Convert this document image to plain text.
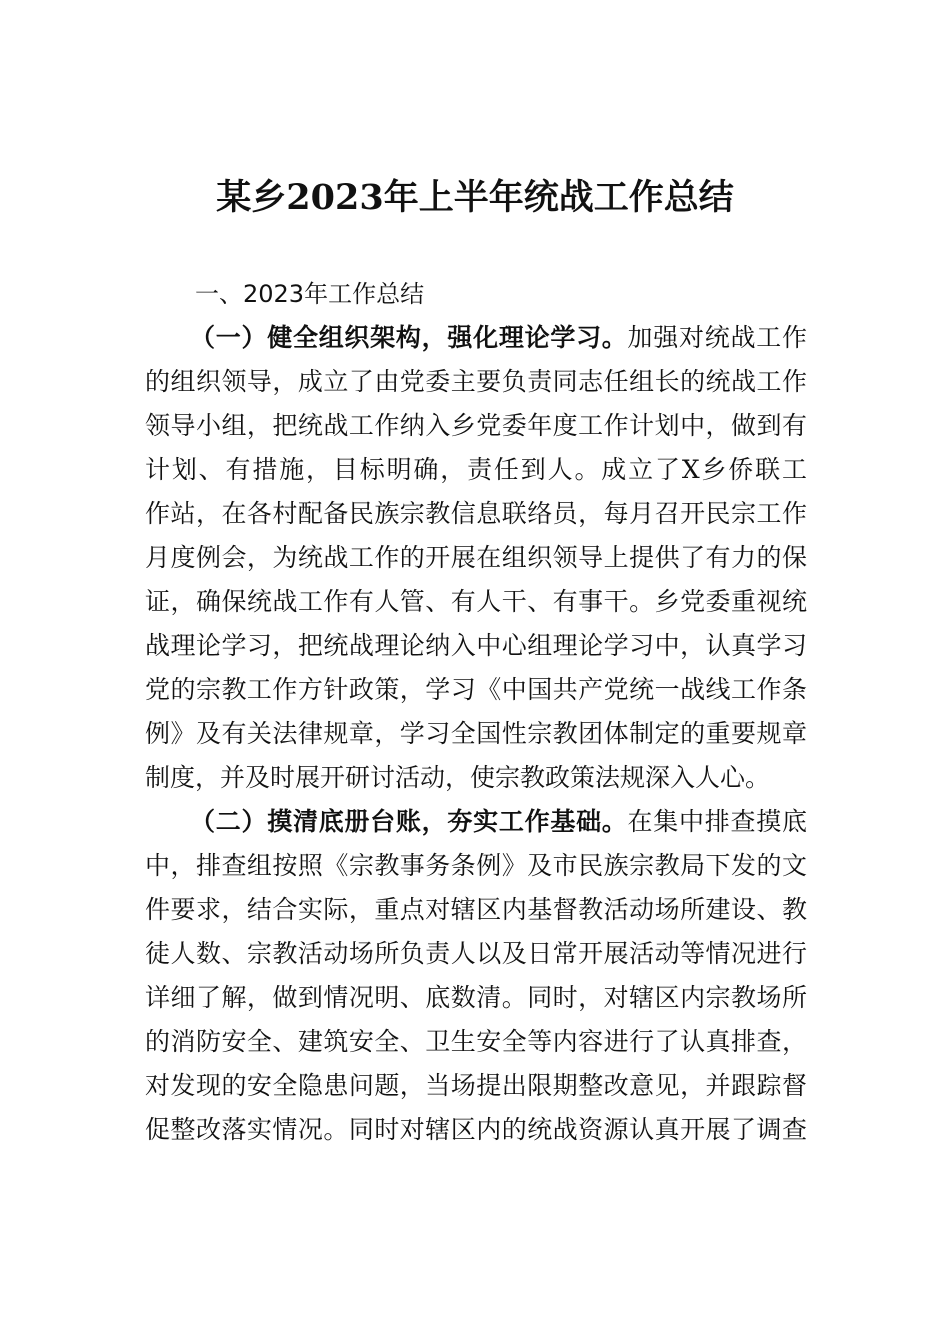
某乡2023年上半年统战工作总结
一、2023年工作总结
（一）健全组织架构，强化理论学习。加强对统战工作
的组织领导，成立了由党委主要负责同志任组长的统战工作
领导小组，把统战工作纳入乡党委年度工作计划中，做到有
计划、有措施，目标明确，责任到人。成立了X乡侨联工
作站，在各村配备民族宗教信息联络员，每月召开民宗工作
月度例会，为统战工作的开展在组织领导上提供了有力的保
证，确保统战工作有人管、有人干、有事干。乡党委重视统
战理论学习，把统战理论纳入中心组理论学习中，认真学习
党的宗教工作方针政策，学习《中国共产党统一战线工作条
例》及有关法律规章，学习全国性宗教团体制定的重要规章
制度，并及时展开研讨活动，使宗教政策法规深入人心。
（二）摸清底册台账，夯实工作基础。在集中排查摸底
中，排查组按照《宗教事务条例》及市民族宗教局下发的文
件要求，结合实际，重点对辖区内基督教活动场所建设、教
徒人数、宗教活动场所负责人以及日常开展活动等情况进行
详细了解，做到情况明、底数清。同时，对辖区内宗教场所
的消防安全、建筑安全、卫生安全等内容进行了认真排查，
对发现的安全隐患问题，当场提出限期整改意见，并跟踪督
促整改落实情况。同时对辖区内的统战资源认真开展了调查
